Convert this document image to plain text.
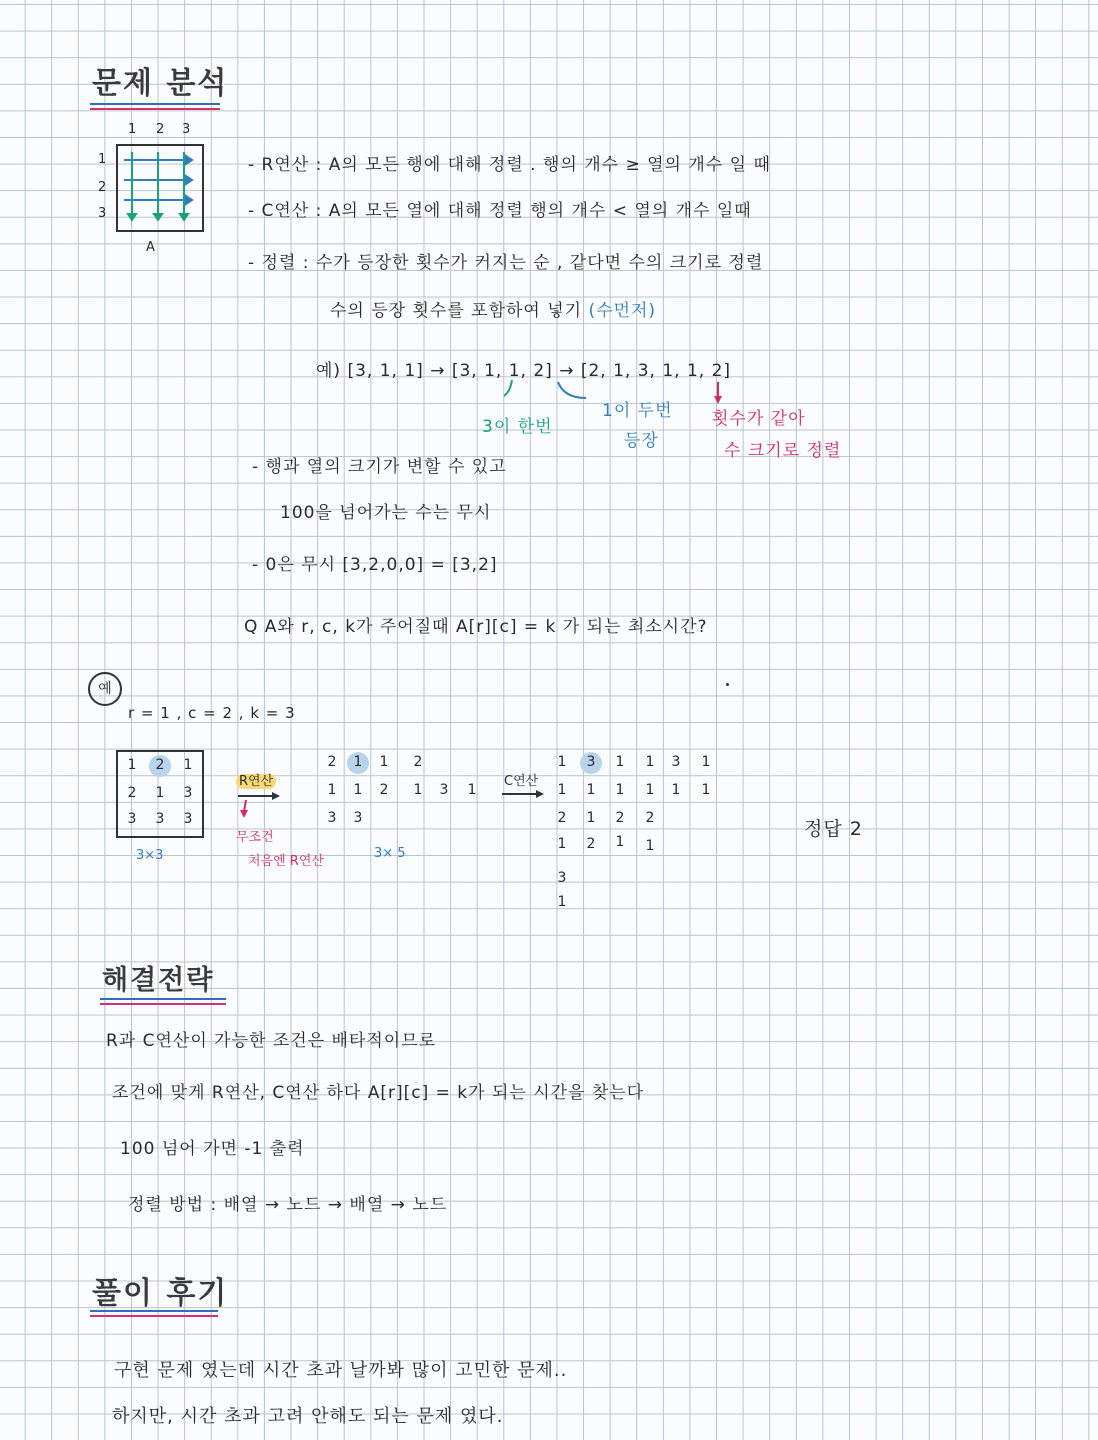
문제 분석
1 2 3
1
2
3
A
- R연산 : A의 모든 행에 대해 정렬 . 행의 개수 ≥ 열의 개수 일 때
- C연산 : A의 모든 열에 대해 정렬 행의 개수 < 열의 개수 일때
- 정렬 : 수가 등장한 횟수가 커지는 순 , 같다면 수의 크기로 정렬
수의 등장 횟수를 포함하여 넣기 (수먼저)
예) [3, 1, 1] → [3, 1, 1, 2] → [2, 1, 3, 1, 1, 2]
3이 한번
1이 두번
등장
횟수가 같아
수 크기로 정렬
- 행과 열의 크기가 변할 수 있고
100을 넘어가는 수는 무시
- 0은 무시 [3,2,0,0] = [3,2]
Q A와 r, c, k가 주어질때 A[r][c] = k 가 되는 최소시간?
예
r = 1 , c = 2 , k = 3
1	2	1
2	1	3
3	3	3
3×3
R연산
무조건
처음엔 R연산
2	1	1	2
1	1	2	1	3	1
3	3
3× 5
C연산
1	3	1	1	3	1
1	1	1	1	1	1
2	1	2	2
1	2	1	1
3
1
정답 2
해결전략
R과 C연산이 가능한 조건은 배타적이므로
조건에 맞게 R연산, C연산 하다 A[r][c] = k가 되는 시간을 찾는다
100 넘어 가면 -1 출력
정렬 방법 : 배열 → 노드 → 배열 → 노드
풀이 후기
구현 문제 였는데 시간 초과 날까봐 많이 고민한 문제..
하지만, 시간 초과 고려 안해도 되는 문제 였다.
